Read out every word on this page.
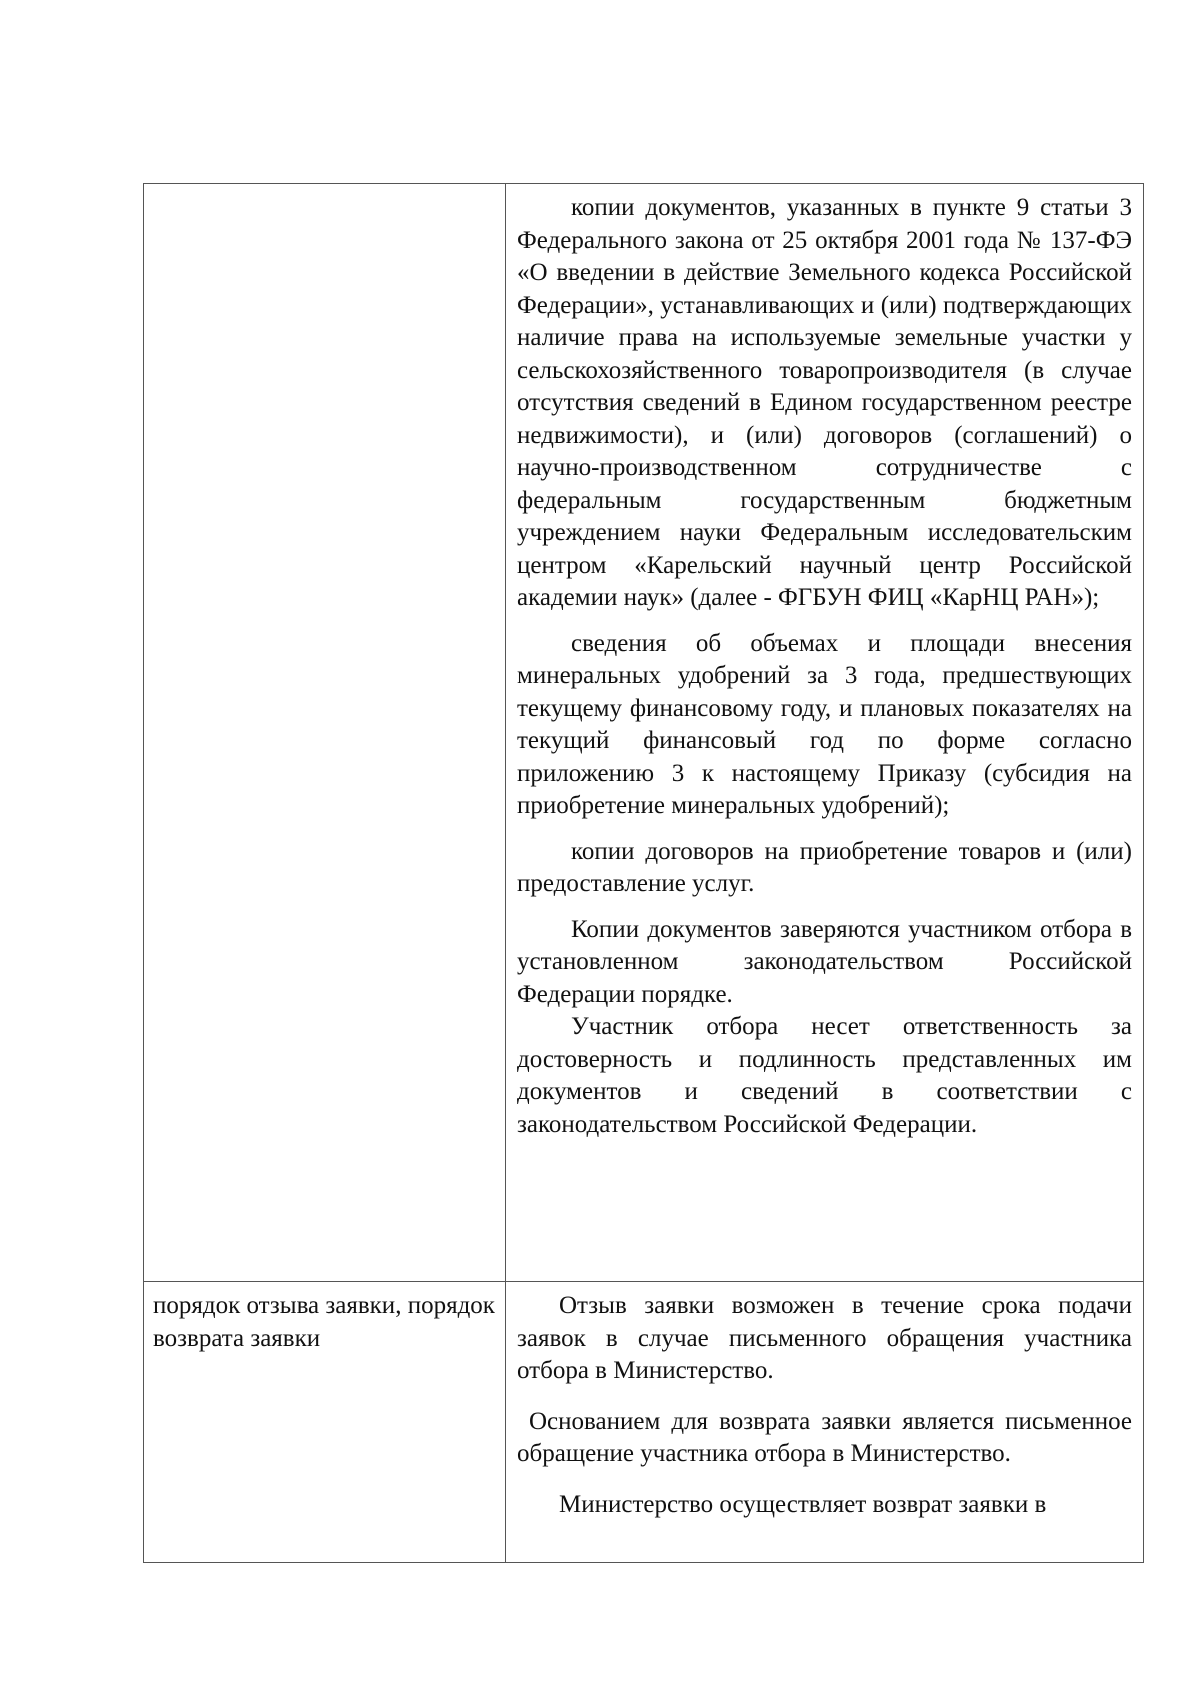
	копии документов, указанных в пункте 9 статьи 3 Федерального закона от 25 октября 2001 года № 137-ФЭ «О введении в действие Земельного кодекса Российской Федерации», устанавливающих и (или) подтверждающих наличие права на используемые земельные участки у сельскохозяйственного товаропроизводителя (в случае отсутствия сведений в Едином государственном реестре недвижимости), и (или) договоров (соглашений) о научно-производственном сотрудничестве с федеральным государственным бюджетным учреждением науки Федеральным исследовательским центром «Карельский научный центр Российской академии наук» (далее - ФГБУН ФИЦ «КарНЦ РАН»);

сведения об объемах и площади внесения минеральных удобрений за 3 года, предшествующих текущему финансовому году, и плановых показателях на текущий финансовый год по форме согласно приложению 3 к настоящему Приказу (субсидия на приобретение минеральных удобрений);

копии договоров на приобретение товаров и (или) предоставление услуг.

Копии документов заверяются участником отбора в установленном законодательством Российской Федерации порядке.

Участник отбора несет ответственность за достоверность и подлинность представленных им документов и сведений в соответствии с законодательством Российской Федерации.

порядок отзыва заявки, порядок возврата заявки	Отзыв заявки возможен в течение срока подачи заявок в случае письменного обращения участника отбора в Министерство.

Основанием для возврата заявки является письменное обращение участника отбора в Министерство.

Министерство осуществляет возврат заявки в
